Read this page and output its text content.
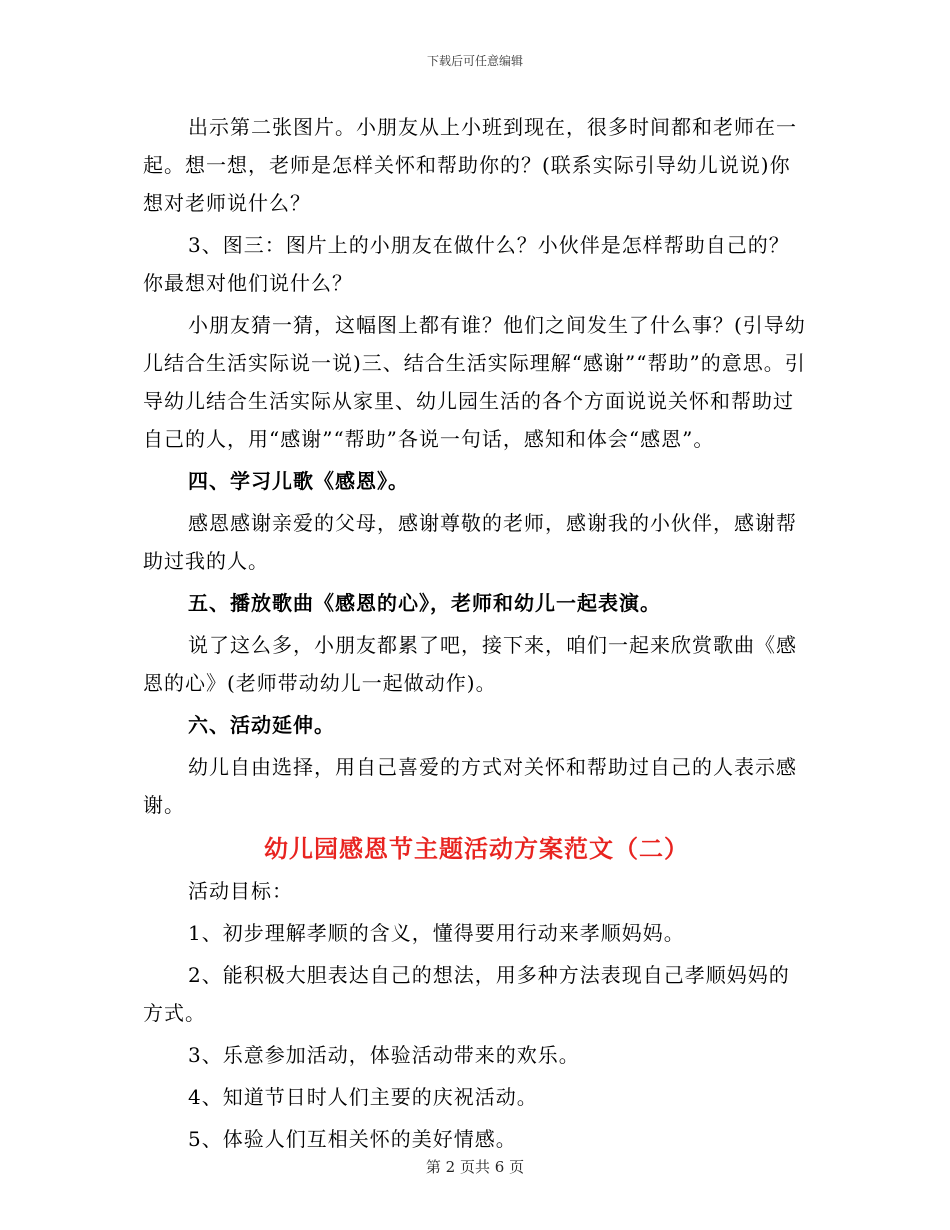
下载后可任意编辑

出示第二张图片。小朋友从上小班到现在，很多时间都和老师在一起。想一想，老师是怎样关怀和帮助你的？(联系实际引导幼儿说说)你想对老师说什么？

3、图三：图片上的小朋友在做什么？小伙伴是怎样帮助自己的？你最想对他们说什么？

小朋友猜一猜，这幅图上都有谁？他们之间发生了什么事？(引导幼儿结合生活实际说一说)三、结合生活实际理解“感谢”“帮助”的意思。引导幼儿结合生活实际从家里、幼儿园生活的各个方面说说关怀和帮助过自己的人，用“感谢”“帮助”各说一句话，感知和体会“感恩”。

四、学习儿歌《感恩》。

感恩感谢亲爱的父母，感谢尊敬的老师，感谢我的小伙伴，感谢帮助过我的人。

五、播放歌曲《感恩的心》，老师和幼儿一起表演。

说了这么多，小朋友都累了吧，接下来，咱们一起来欣赏歌曲《感恩的心》(老师带动幼儿一起做动作)。

六、活动延伸。

幼儿自由选择，用自己喜爱的方式对关怀和帮助过自己的人表示感谢。

幼儿园感恩节主题活动方案范文（二）

活动目标：

1、初步理解孝顺的含义，懂得要用行动来孝顺妈妈。

2、能积极大胆表达自己的想法，用多种方法表现自己孝顺妈妈的方式。

3、乐意参加活动，体验活动带来的欢乐。

4、知道节日时人们主要的庆祝活动。

5、体验人们互相关怀的美好情感。

第 2 页共 6 页
